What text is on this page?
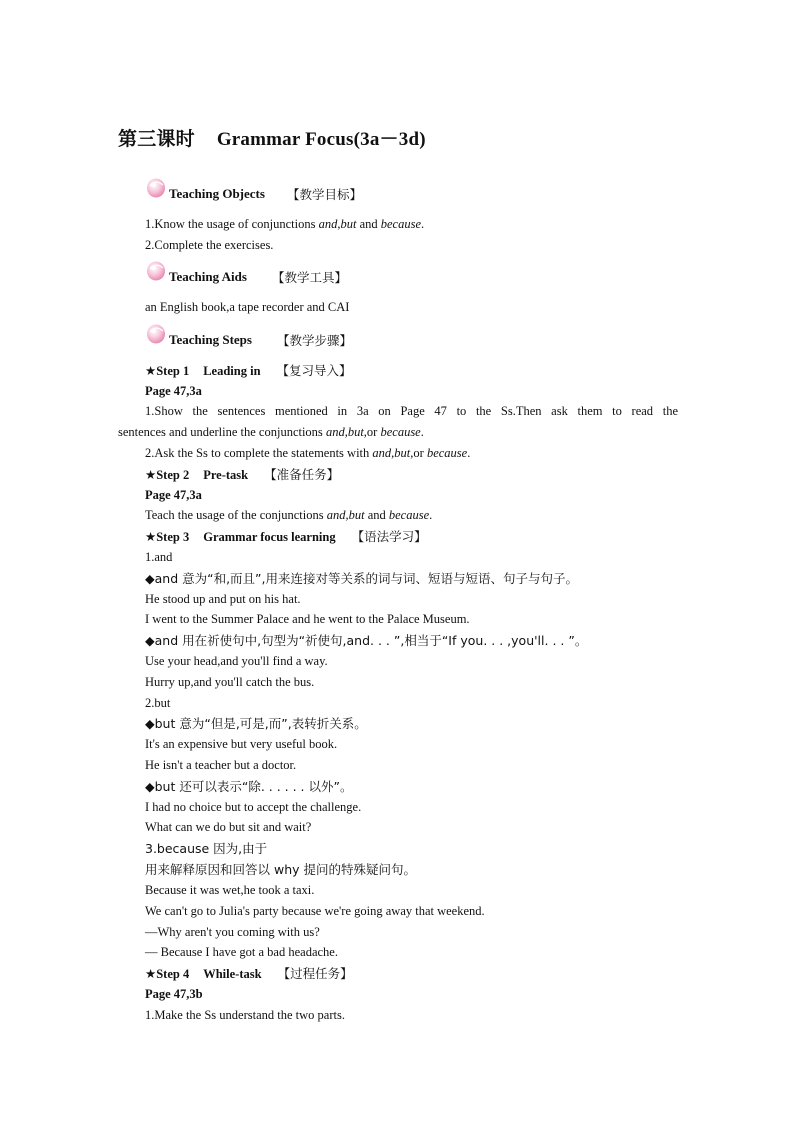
第三课时 Grammar Focus(3a－3d)
Teaching Objects 【教学目标】
1.Know the usage of conjunctions and,but and because.
2.Complete the exercises.
Teaching Aids 【教学工具】
an English book,a tape recorder and CAI
Teaching Steps 【教学步骤】
★Step 1 Leading in 【复习导入】
Page 47,3a
1.Show the sentences mentioned in 3a on Page 47 to the Ss.Then ask them to read the
sentences and underline the conjunctions and,but,or because.
2.Ask the Ss to complete the statements with and,but,or because.
★Step 2 Pre-task 【准备任务】
Page 47,3a
Teach the usage of the conjunctions and,but and because.
★Step 3 Grammar focus learning 【语法学习】
1.and
◆and 意为“和,而且”,用来连接对等关系的词与词、短语与短语、句子与句子。
He stood up and put on his hat.
I went to the Summer Palace and he went to the Palace Museum.
◆and 用在祈使句中,句型为“祈使句,and. . . ”,相当于“If you. . . ,you'll. . . ”。
Use your head,and you'll find a way.
Hurry up,and you'll catch the bus.
2.but
◆but 意为“但是,可是,而”,表转折关系。
It's an expensive but very useful book.
He isn't a teacher but a doctor.
◆but 还可以表示“除. . . . . . 以外”。
I had no choice but to accept the challenge.
What can we do but sit and wait?
3.because 因为,由于
用来解释原因和回答以 why 提问的特殊疑问句。
Because it was wet,he took a taxi.
We can't go to Julia's party because we're going away that weekend.
—Why aren't you coming with us?
— Because I have got a bad headache.
★Step 4 While-task 【过程任务】
Page 47,3b
1.Make the Ss understand the two parts.
